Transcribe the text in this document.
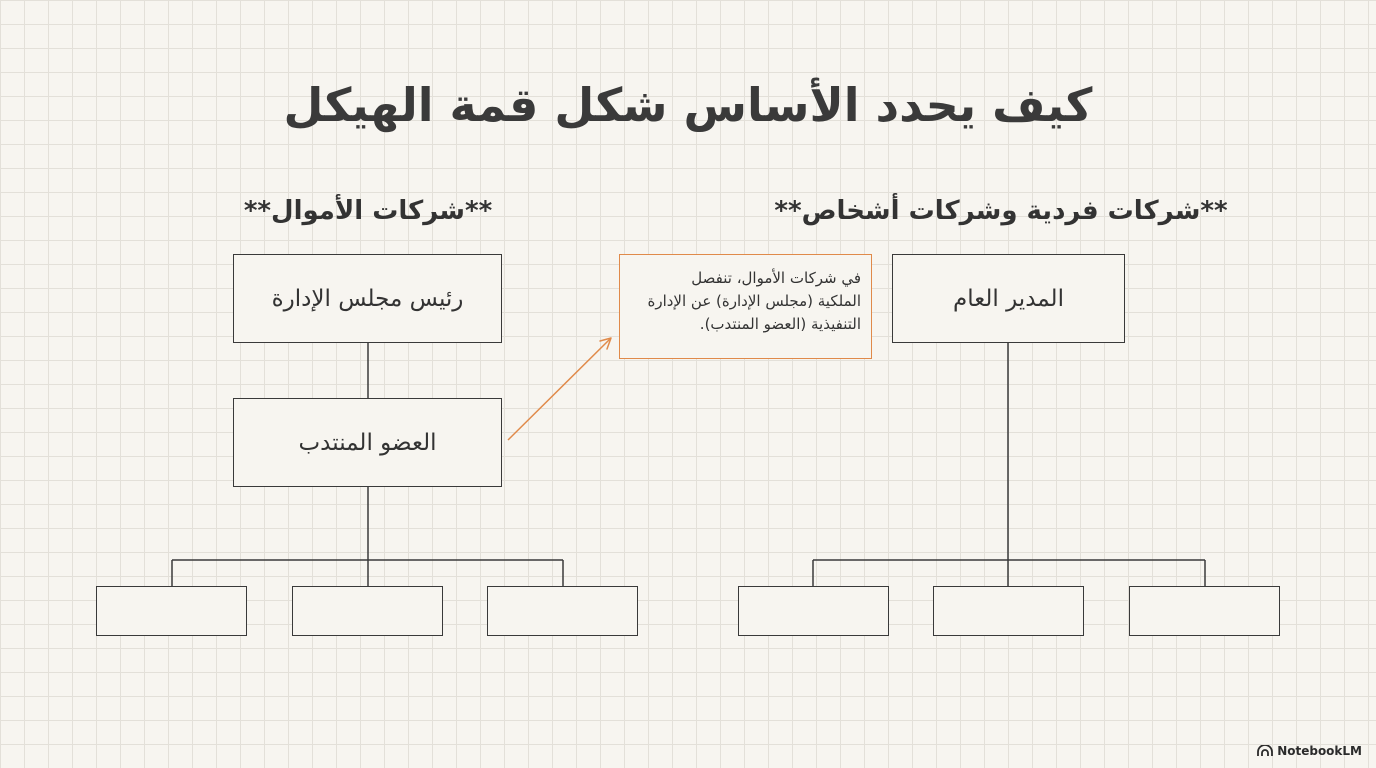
كيف يحدد الأساس شكل قمة الهيكل
**شركات الأموال**	**شركات فردية وشركات أشخاص**
رئيس مجلس الإدارة
العضو المنتدب
المدير العام
في شركات الأموال، تنفصل
الملكية (مجلس الإدارة) عن الإدارة
التنفيذية (العضو المنتدب).
NotebookLM
